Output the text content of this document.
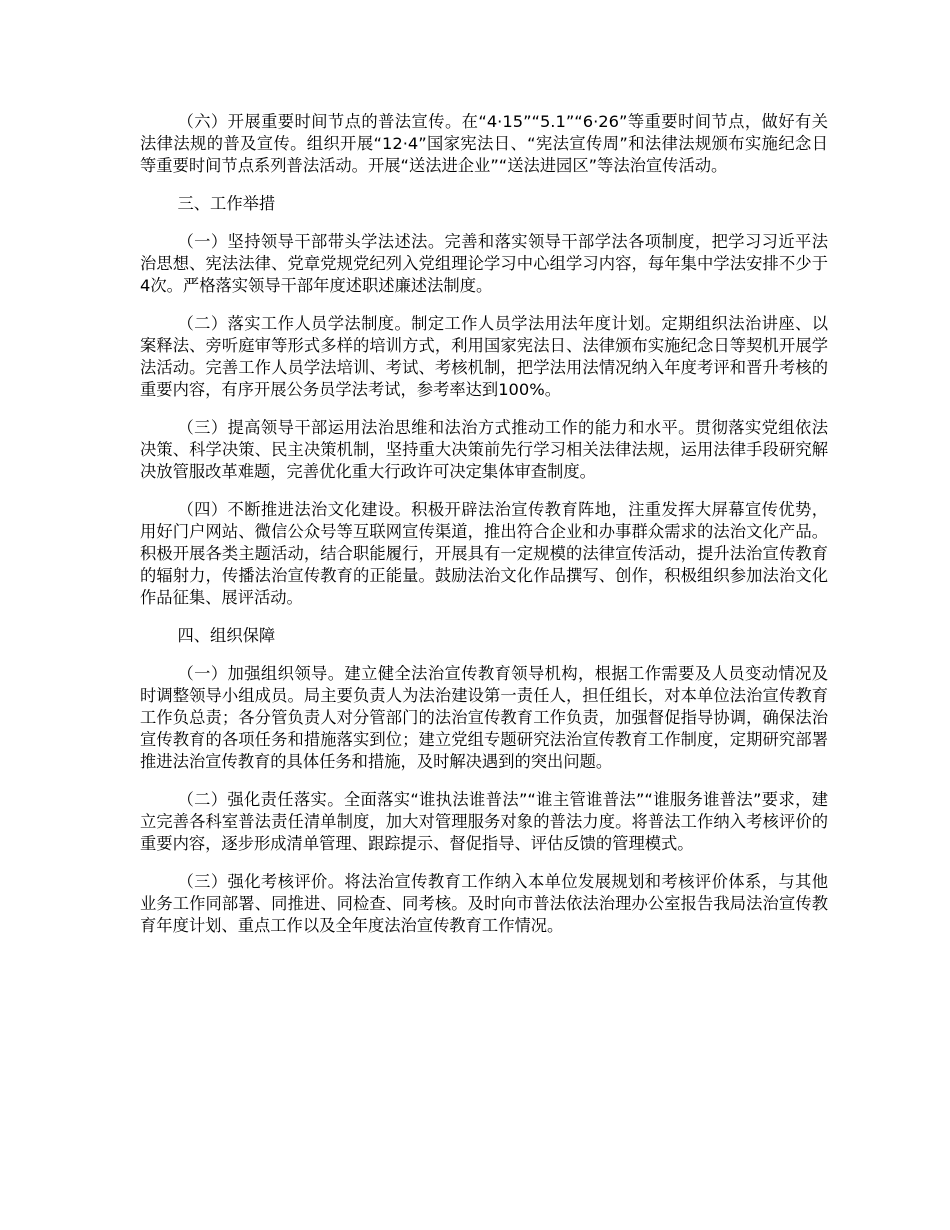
（六）开展重要时间节点的普法宣传。在“4·15”“5.1”“6·26”等重要时间节点，做好有关法律法规的普及宣传。组织开展“12·4”国家宪法日、“宪法宣传周”和法律法规颁布实施纪念日等重要时间节点系列普法活动。开展“送法进企业”“送法进园区”等法治宣传活动。

三、工作举措

（一）坚持领导干部带头学法述法。完善和落实领导干部学法各项制度，把学习习近平法治思想、宪法法律、党章党规党纪列入党组理论学习中心组学习内容，每年集中学法安排不少于4次。严格落实领导干部年度述职述廉述法制度。

（二）落实工作人员学法制度。制定工作人员学法用法年度计划。定期组织法治讲座、以案释法、旁听庭审等形式多样的培训方式，利用国家宪法日、法律颁布实施纪念日等契机开展学法活动。完善工作人员学法培训、考试、考核机制，把学法用法情况纳入年度考评和晋升考核的重要内容，有序开展公务员学法考试，参考率达到100%。

（三）提高领导干部运用法治思维和法治方式推动工作的能力和水平。贯彻落实党组依法决策、科学决策、民主决策机制，坚持重大决策前先行学习相关法律法规，运用法律手段研究解决放管服改革难题，完善优化重大行政许可决定集体审查制度。

（四）不断推进法治文化建设。积极开辟法治宣传教育阵地，注重发挥大屏幕宣传优势，用好门户网站、微信公众号等互联网宣传渠道，推出符合企业和办事群众需求的法治文化产品。积极开展各类主题活动，结合职能履行，开展具有一定规模的法律宣传活动，提升法治宣传教育的辐射力，传播法治宣传教育的正能量。鼓励法治文化作品撰写、创作，积极组织参加法治文化作品征集、展评活动。

四、组织保障

（一）加强组织领导。建立健全法治宣传教育领导机构，根据工作需要及人员变动情况及时调整领导小组成员。局主要负责人为法治建设第一责任人，担任组长，对本单位法治宣传教育工作负总责；各分管负责人对分管部门的法治宣传教育工作负责，加强督促指导协调，确保法治宣传教育的各项任务和措施落实到位；建立党组专题研究法治宣传教育工作制度，定期研究部署推进法治宣传教育的具体任务和措施，及时解决遇到的突出问题。

（二）强化责任落实。全面落实“谁执法谁普法”“谁主管谁普法”“谁服务谁普法”要求，建立完善各科室普法责任清单制度，加大对管理服务对象的普法力度。将普法工作纳入考核评价的重要内容，逐步形成清单管理、跟踪提示、督促指导、评估反馈的管理模式。

（三）强化考核评价。将法治宣传教育工作纳入本单位发展规划和考核评价体系，与其他业务工作同部署、同推进、同检查、同考核。及时向市普法依法治理办公室报告我局法治宣传教育年度计划、重点工作以及全年度法治宣传教育工作情况。
